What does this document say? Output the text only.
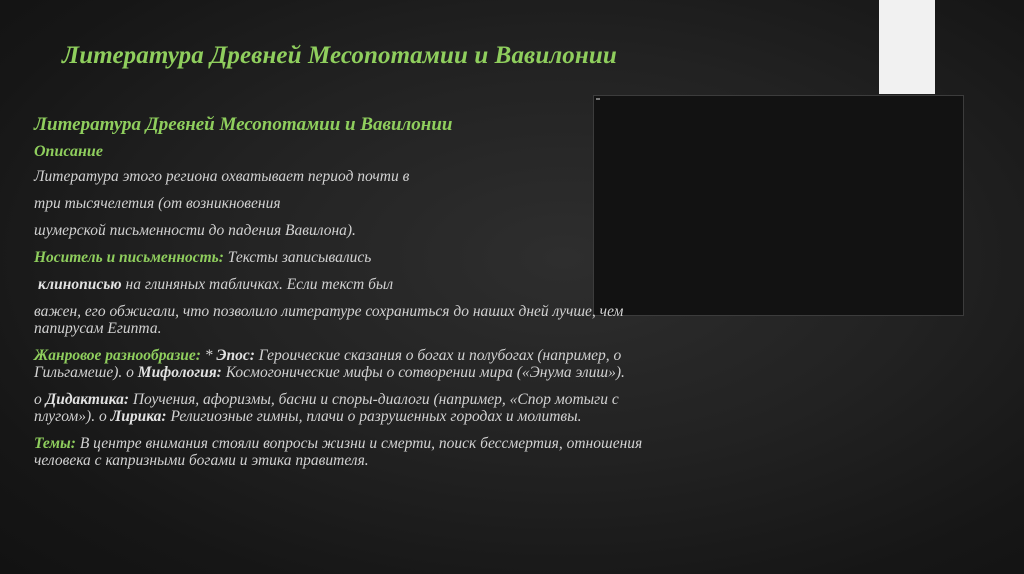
Литература Древней Месопотамии и Вавилонии

Литература Древней Месопотамии и Вавилонии

Описание

Литература этого региона охватывает период почти в

три тысячелетия (от возникновения

шумерской письменности до падения Вавилона).

Носитель и письменность: Тексты записывались

клинописью на глиняных табличках. Если текст был

важен, его обжигали, что позволило литературе сохраниться до наших дней лучше, чем

папирусам Египта.

Жанровое разнообразие: * Эпос: Героические сказания о богах и полубогах (например, о

Гильгамеше). о Мифология: Космогонические мифы о сотворении мира («Энума элиш»).

о Дидактика: Поучения, афоризмы, басни и споры-диалоги (например, «Спор мотыги с

плугом»). о Лирика: Религиозные гимны, плачи о разрушенных городах и молитвы.

Темы: В центре внимания стояли вопросы жизни и смерти, поиск бессмертия, отношения

человека с капризными богами и этика правителя.
